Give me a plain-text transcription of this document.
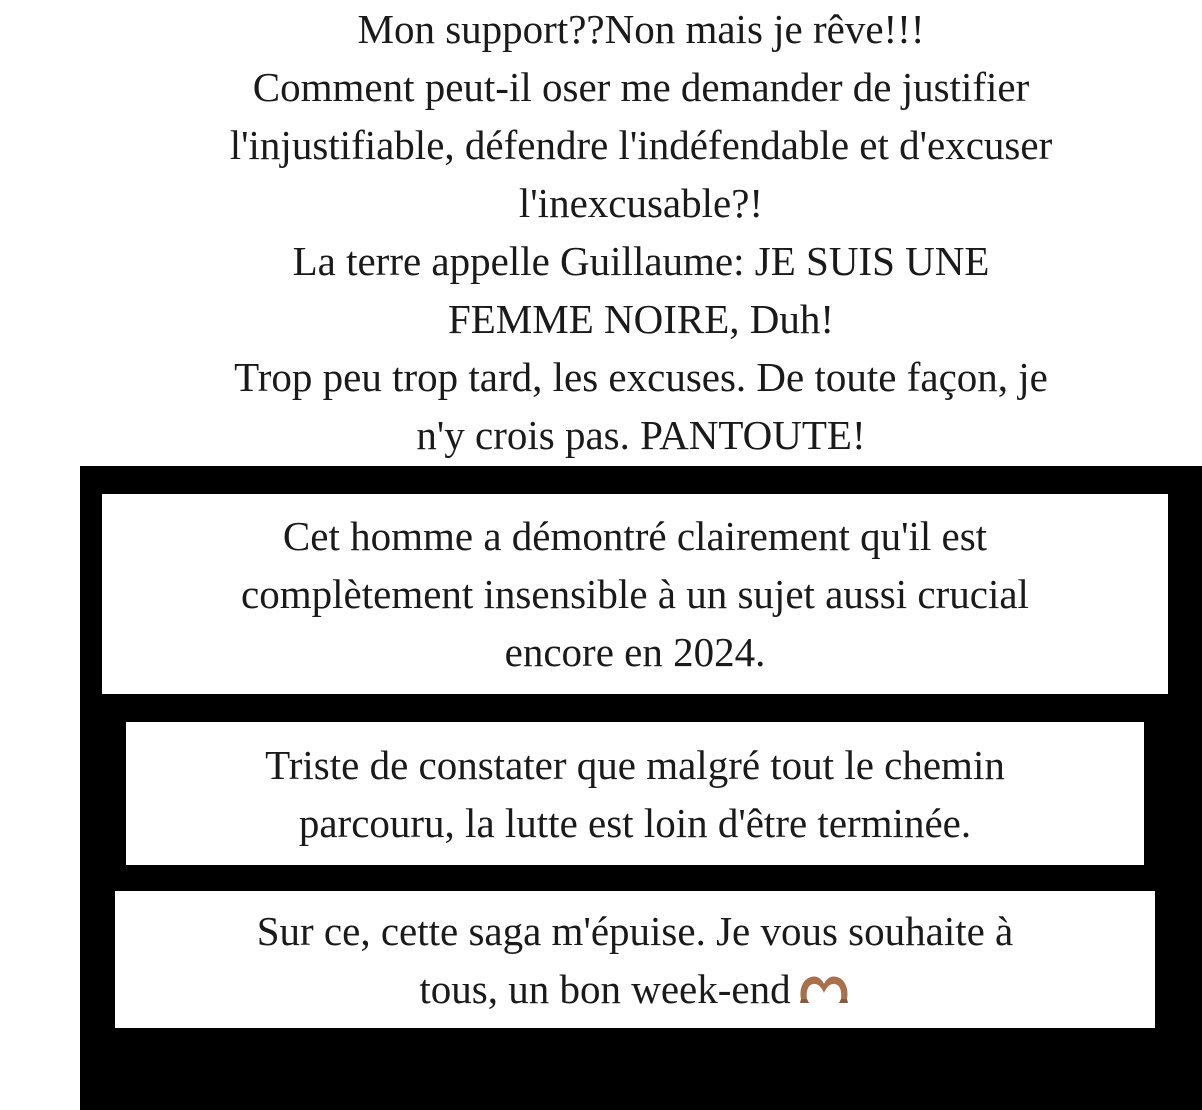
Mon support??Non mais je rêve!!!

Comment peut-il oser me demander de justifier

l'injustifiable, défendre l'indéfendable et d'excuser

l'inexcusable?!

La terre appelle Guillaume: JE SUIS UNE

FEMME NOIRE, Duh!

Trop peu trop tard, les excuses. De toute façon, je

n'y crois pas. PANTOUTE!

Cet homme a démontré clairement qu'il est

complètement insensible à un sujet aussi crucial

encore en 2024.

Triste de constater que malgré tout le chemin

parcouru, la lutte est loin d'être terminée.

Sur ce, cette saga m'épuise. Je vous souhaite à

tous, un bon week-end
